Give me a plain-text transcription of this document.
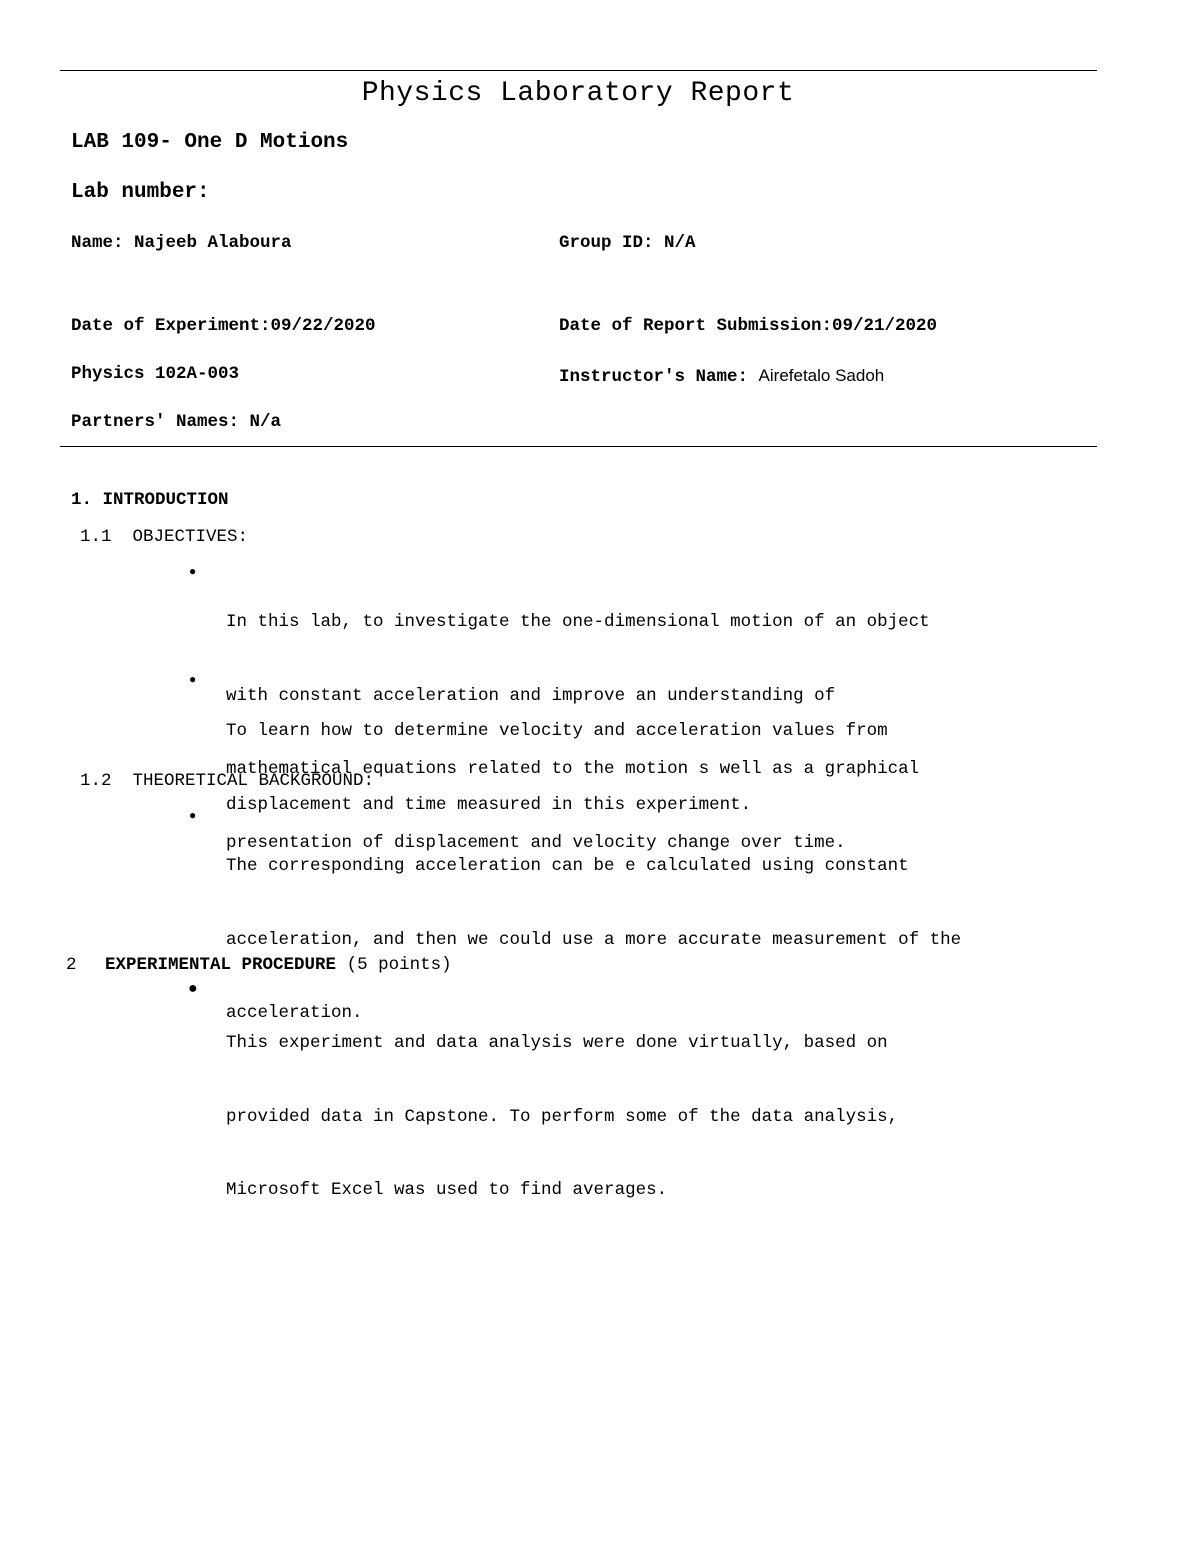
Physics Laboratory Report
LAB 109- One D Motions
Lab number:
Name: Najeeb Alaboura	Group ID: N/A
Date of Experiment:09/22/2020	Date of Report Submission:09/21/2020
Physics 102A-003	Instructor's Name: Airefetalo Sadoh
Partners' Names: N/a
1. INTRODUCTION
1.1  OBJECTIVES:
●

In this lab, to investigate the one-dimensional motion of an object

with constant acceleration and improve an understanding of

mathematical equations related to the motion s well as a graphical

presentation of displacement and velocity change over time.

●

To learn how to determine velocity and acceleration values from

displacement and time measured in this experiment.

1.2  THEORETICAL BACKGROUND:
●

The corresponding acceleration can be e calculated using constant

acceleration, and then we could use a more accurate measurement of the

acceleration.

2 EXPERIMENTAL PROCEDURE (5 points)
●

This experiment and data analysis were done virtually, based on

provided data in Capstone. To perform some of the data analysis,

Microsoft Excel was used to find averages.
